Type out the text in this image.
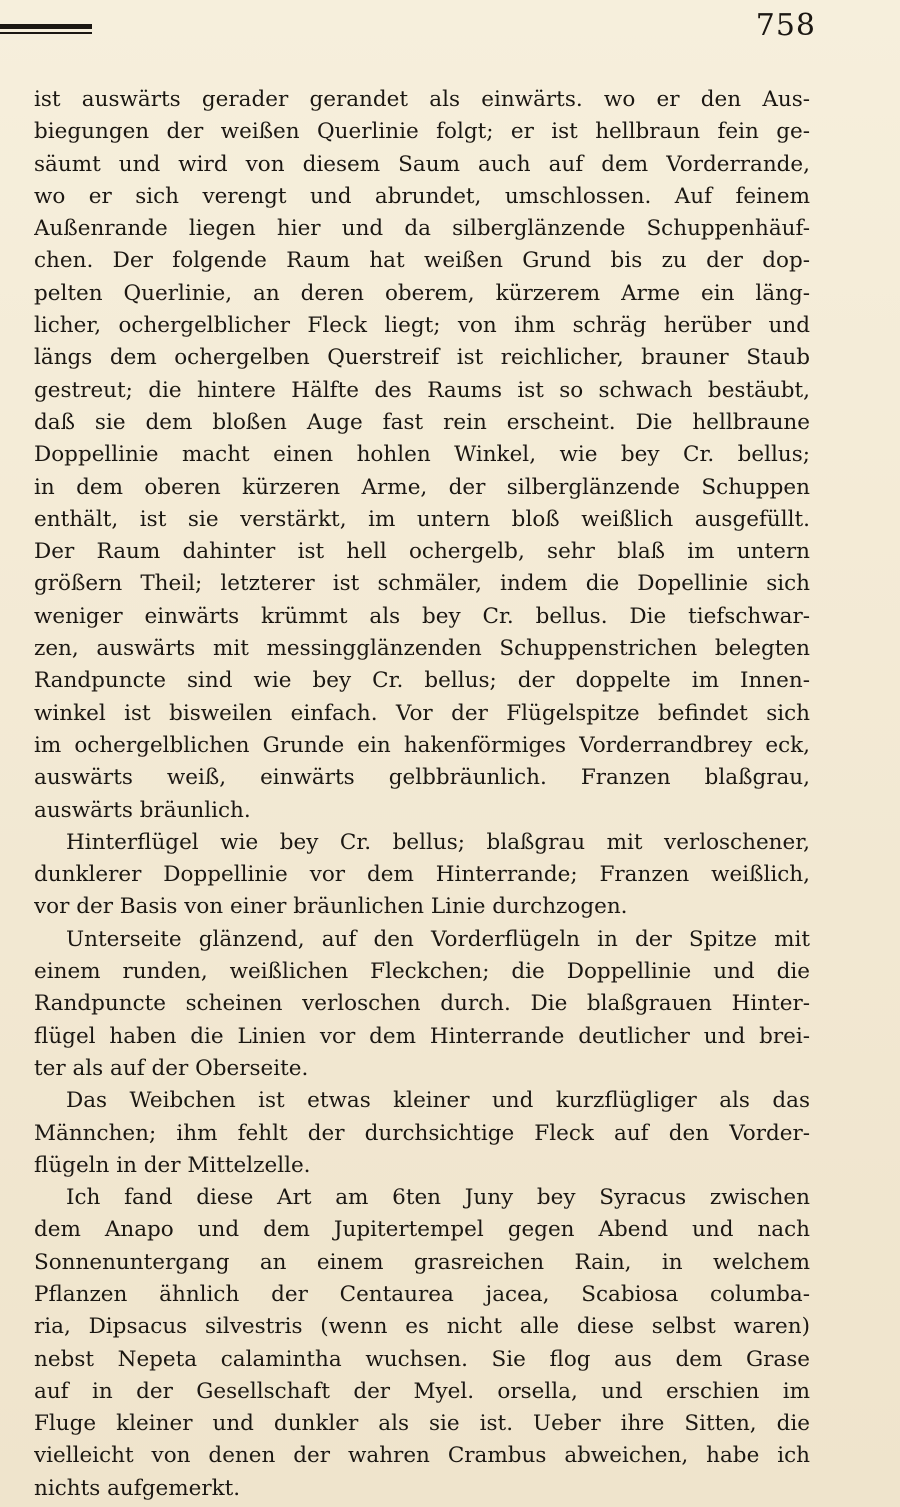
758
ist auswärts gerader gerandet als einwärts. wo er den Aus-
biegungen der weißen Querlinie folgt; er ist hellbraun fein ge-
säumt und wird von diesem Saum auch auf dem Vorderrande,
wo er sich verengt und abrundet, umschlossen. Auf feinem
Außenrande liegen hier und da silberglänzende Schuppenhäuf-
chen. Der folgende Raum hat weißen Grund bis zu der dop-
pelten Querlinie, an deren oberem, kürzerem Arme ein läng-
licher, ochergelblicher Fleck liegt; von ihm schräg herüber und
längs dem ochergelben Querstreif ist reichlicher, brauner Staub
gestreut; die hintere Hälfte des Raums ist so schwach bestäubt,
daß sie dem bloßen Auge fast rein erscheint. Die hellbraune
Doppellinie macht einen hohlen Winkel, wie bey Cr. bellus;
in dem oberen kürzeren Arme, der silberglänzende Schuppen
enthält, ist sie verstärkt, im untern bloß weißlich ausgefüllt.
Der Raum dahinter ist hell ochergelb, sehr blaß im untern
größern Theil; letzterer ist schmäler, indem die Dopellinie sich
weniger einwärts krümmt als bey Cr. bellus. Die tiefschwar-
zen, auswärts mit messingglänzenden Schuppenstrichen belegten
Randpuncte sind wie bey Cr. bellus; der doppelte im Innen-
winkel ist bisweilen einfach. Vor der Flügelspitze befindet sich
im ochergelblichen Grunde ein hakenförmiges Vorderrandbrey eck,
auswärts weiß, einwärts gelbbräunlich. Franzen blaßgrau,
auswärts bräunlich.
Hinterflügel wie bey Cr. bellus; blaßgrau mit verloschener,
dunklerer Doppellinie vor dem Hinterrande; Franzen weißlich,
vor der Basis von einer bräunlichen Linie durchzogen.
Unterseite glänzend, auf den Vorderflügeln in der Spitze mit
einem runden, weißlichen Fleckchen; die Doppellinie und die
Randpuncte scheinen verloschen durch. Die blaßgrauen Hinter-
flügel haben die Linien vor dem Hinterrande deutlicher und brei-
ter als auf der Oberseite.
Das Weibchen ist etwas kleiner und kurzflügliger als das
Männchen; ihm fehlt der durchsichtige Fleck auf den Vorder-
flügeln in der Mittelzelle.
Ich fand diese Art am 6ten Juny bey Syracus zwischen
dem Anapo und dem Jupitertempel gegen Abend und nach
Sonnenuntergang an einem grasreichen Rain, in welchem
Pflanzen ähnlich der Centaurea jacea, Scabiosa columba-
ria, Dipsacus silvestris (wenn es nicht alle diese selbst waren)
nebst Nepeta calamintha wuchsen. Sie flog aus dem Grase
auf in der Gesellschaft der Myel. orsella, und erschien im
Fluge kleiner und dunkler als sie ist. Ueber ihre Sitten, die
vielleicht von denen der wahren Crambus abweichen, habe ich
nichts aufgemerkt.
